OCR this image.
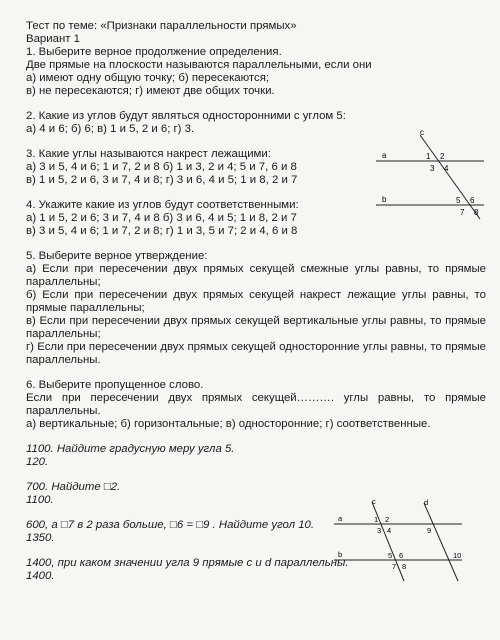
Тест по теме: «Признаки параллельности прямых»

Вариант 1

1. Выберите верное продолжение определения.

Две прямые на плоскости называются параллельными, если они

а) имеют одну общую точку; б) пересекаются;

в) не пересекаются; г) имеют две общих точки.

2. Какие из углов будут являться односторонними с углом 5:

а) 4 и 6; б) 6; в) 1 и 5, 2 и 6; г) 3.

3. Какие углы называются накрест лежащими:

а) 3 и 5, 4 и 6; 1 и 7, 2 и 8 б) 1 и 3, 2 и 4; 5 и 7, 6 и 8

в) 1 и 5, 2 и 6, 3 и 7, 4 и 8; г) 3 и 6, 4 и 5; 1 и 8, 2 и 7

4. Укажите какие из углов будут соответственными:

а) 1 и 5, 2 и 6; 3 и 7, 4 и 8 б) 3 и 6, 4 и 5; 1 и 8, 2 и 7

в) 3 и 5, 4 и 6; 1 и 7, 2 и 8; г) 1 и 3, 5 и 7; 2 и 4, 6 и 8

5. Выберите верное утверждение:

а) Если при пересечении двух прямых секущей смежные углы равны, то прямые параллельны;

б) Если при пересечении двух прямых секущей накрест лежащие углы равны, то прямые параллельны;

в) Если при пересечении двух прямых секущей вертикальные углы равны, то прямые параллельны;

г) Если при пересечении двух прямых секущей односторонние углы равны, то прямые параллельны.

6. Выберите пропущенное слово.

Если при пересечении двух прямых секущей………. углы равны, то прямые параллельны.

а) вертикальные; б) горизонтальные; в) односторонние; г) соответственные.

1100. Найдите градусную меру угла 5.

120.

700. Найдите □2.

1100.

600, а □7 в 2 раза больше, □6 = □9 . Найдите угол 10.

1350.

1400, при каком значении угла 9 прямые с и d параллельны.

1400.

a
b
c
1 2
3 4
5 6
7 8
a
b
c	d
1 2
3 4
5 6
7 8
9
10
